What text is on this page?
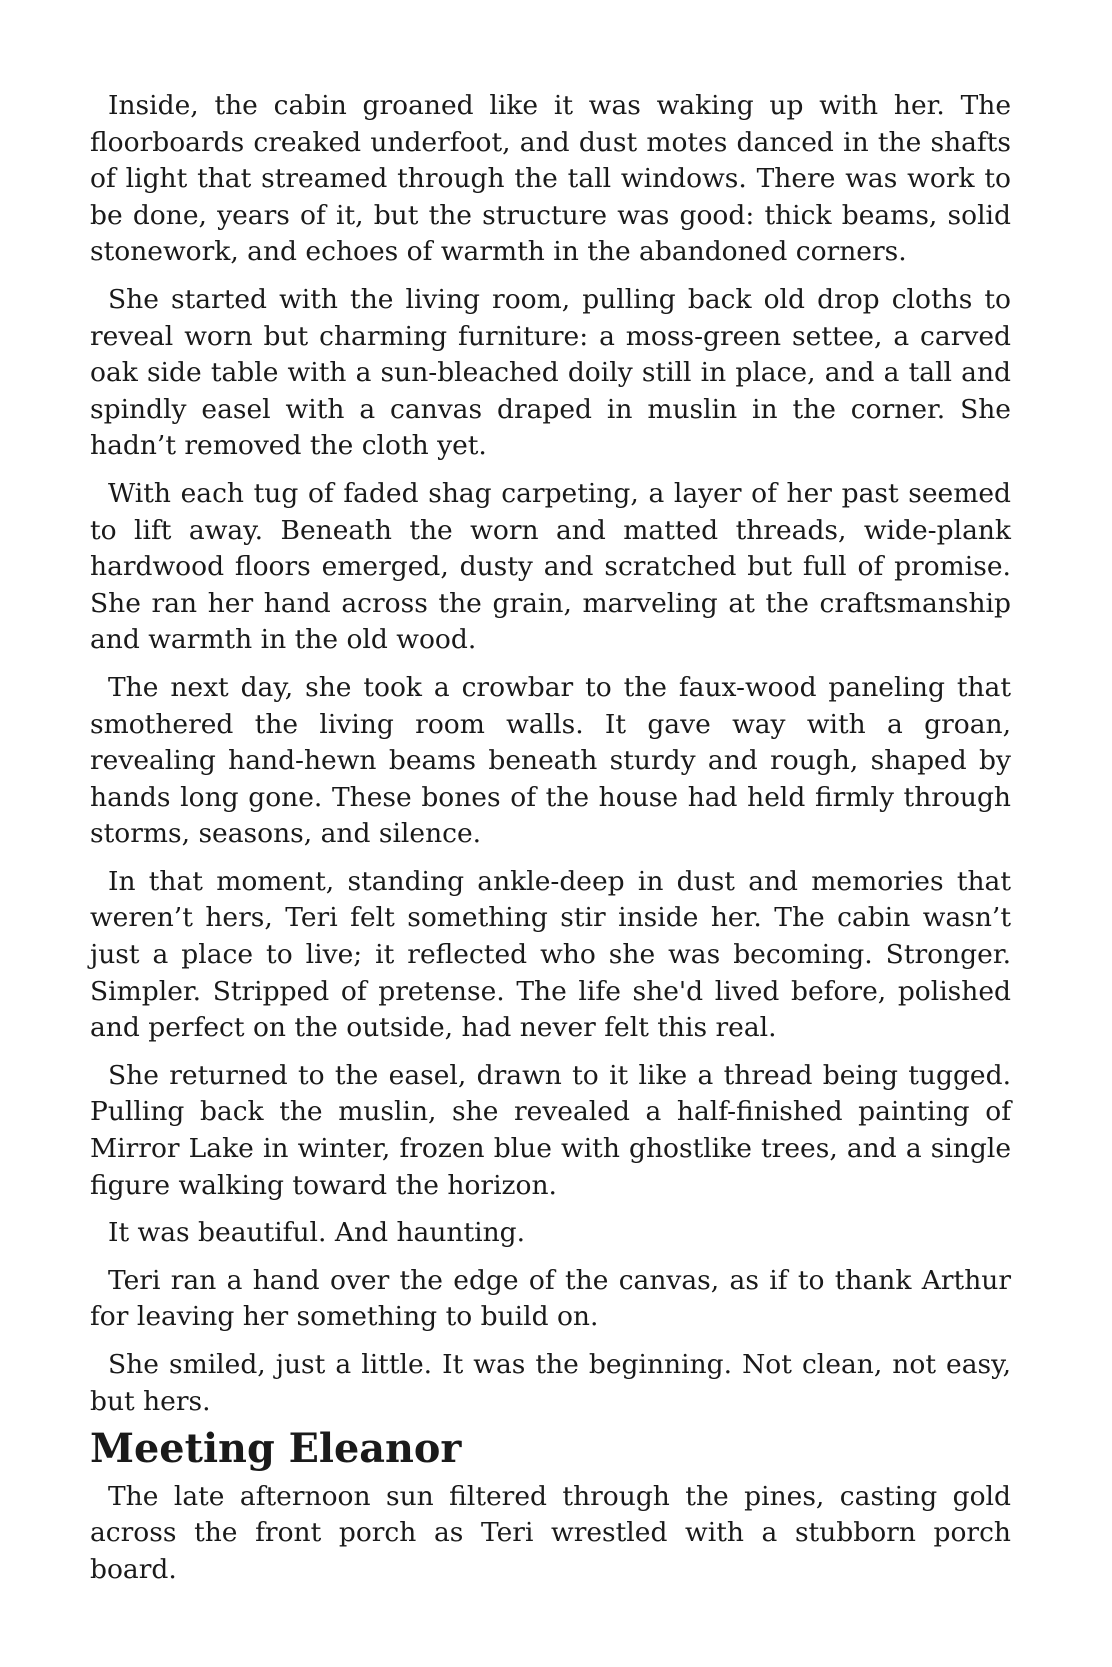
Inside, the cabin groaned like it was waking up with her. The floorboards creaked underfoot, and dust motes danced in the shafts of light that streamed through the tall windows. There was work to be done, years of it, but the structure was good: thick beams, solid stonework, and echoes of warmth in the abandoned corners.

She started with the living room, pulling back old drop cloths to reveal worn but charming furniture: a moss-green settee, a carved oak side table with a sun-bleached doily still in place, and a tall and spindly easel with a canvas draped in muslin in the corner. She hadn’t removed the cloth yet.

With each tug of faded shag carpeting, a layer of her past seemed to lift away. Beneath the worn and matted threads, wide-plank hardwood floors emerged, dusty and scratched but full of promise. She ran her hand across the grain, marveling at the craftsmanship and warmth in the old wood.

The next day, she took a crowbar to the faux-wood paneling that smothered the living room walls. It gave way with a groan, revealing hand-hewn beams beneath sturdy and rough, shaped by hands long gone. These bones of the house had held firmly through storms, seasons, and silence.

In that moment, standing ankle-deep in dust and memories that weren’t hers, Teri felt something stir inside her. The cabin wasn’t just a place to live; it reflected who she was becoming. Stronger. Simpler. Stripped of pretense. The life she'd lived before, polished and perfect on the outside, had never felt this real.

She returned to the easel, drawn to it like a thread being tugged. Pulling back the muslin, she revealed a half-finished painting of Mirror Lake in winter, frozen blue with ghostlike trees, and a single figure walking toward the horizon.

It was beautiful. And haunting.

Teri ran a hand over the edge of the canvas, as if to thank Arthur for leaving her something to build on.

She smiled, just a little. It was the beginning. Not clean, not easy, but hers.

Meeting Eleanor

The late afternoon sun filtered through the pines, casting gold across the front porch as Teri wrestled with a stubborn porch board.
